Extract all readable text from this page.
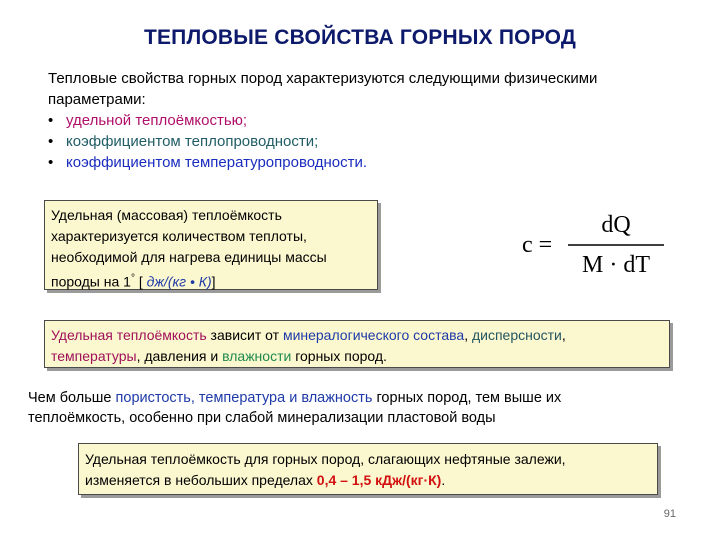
ТЕПЛОВЫЕ СВОЙСТВА ГОРНЫХ ПОРОД
Тепловые свойства горных пород характеризуются следующими физическими параметрами:
• удельной теплоёмкостью;
• коэффициентом теплопроводности;
• коэффициентом температуропроводности.
Удельная (массовая) теплоёмкость
характеризуется количеством теплоты,
необходимой для нагрева единицы массы
породы на 1° [ дж/(кг • К)]
c =
dQ
M · dT
Удельная теплоёмкость зависит от минералогического состава, дисперсности,
температуры, давления и влажности горных пород.
Чем больше пористость, температура и влажность горных пород, тем выше их
теплоёмкость, особенно при слабой минерализации пластовой воды
Удельная теплоёмкость для горных пород, слагающих нефтяные залежи,
изменяется в небольших пределах 0,4 – 1,5 кДж/(кг·К).
91
